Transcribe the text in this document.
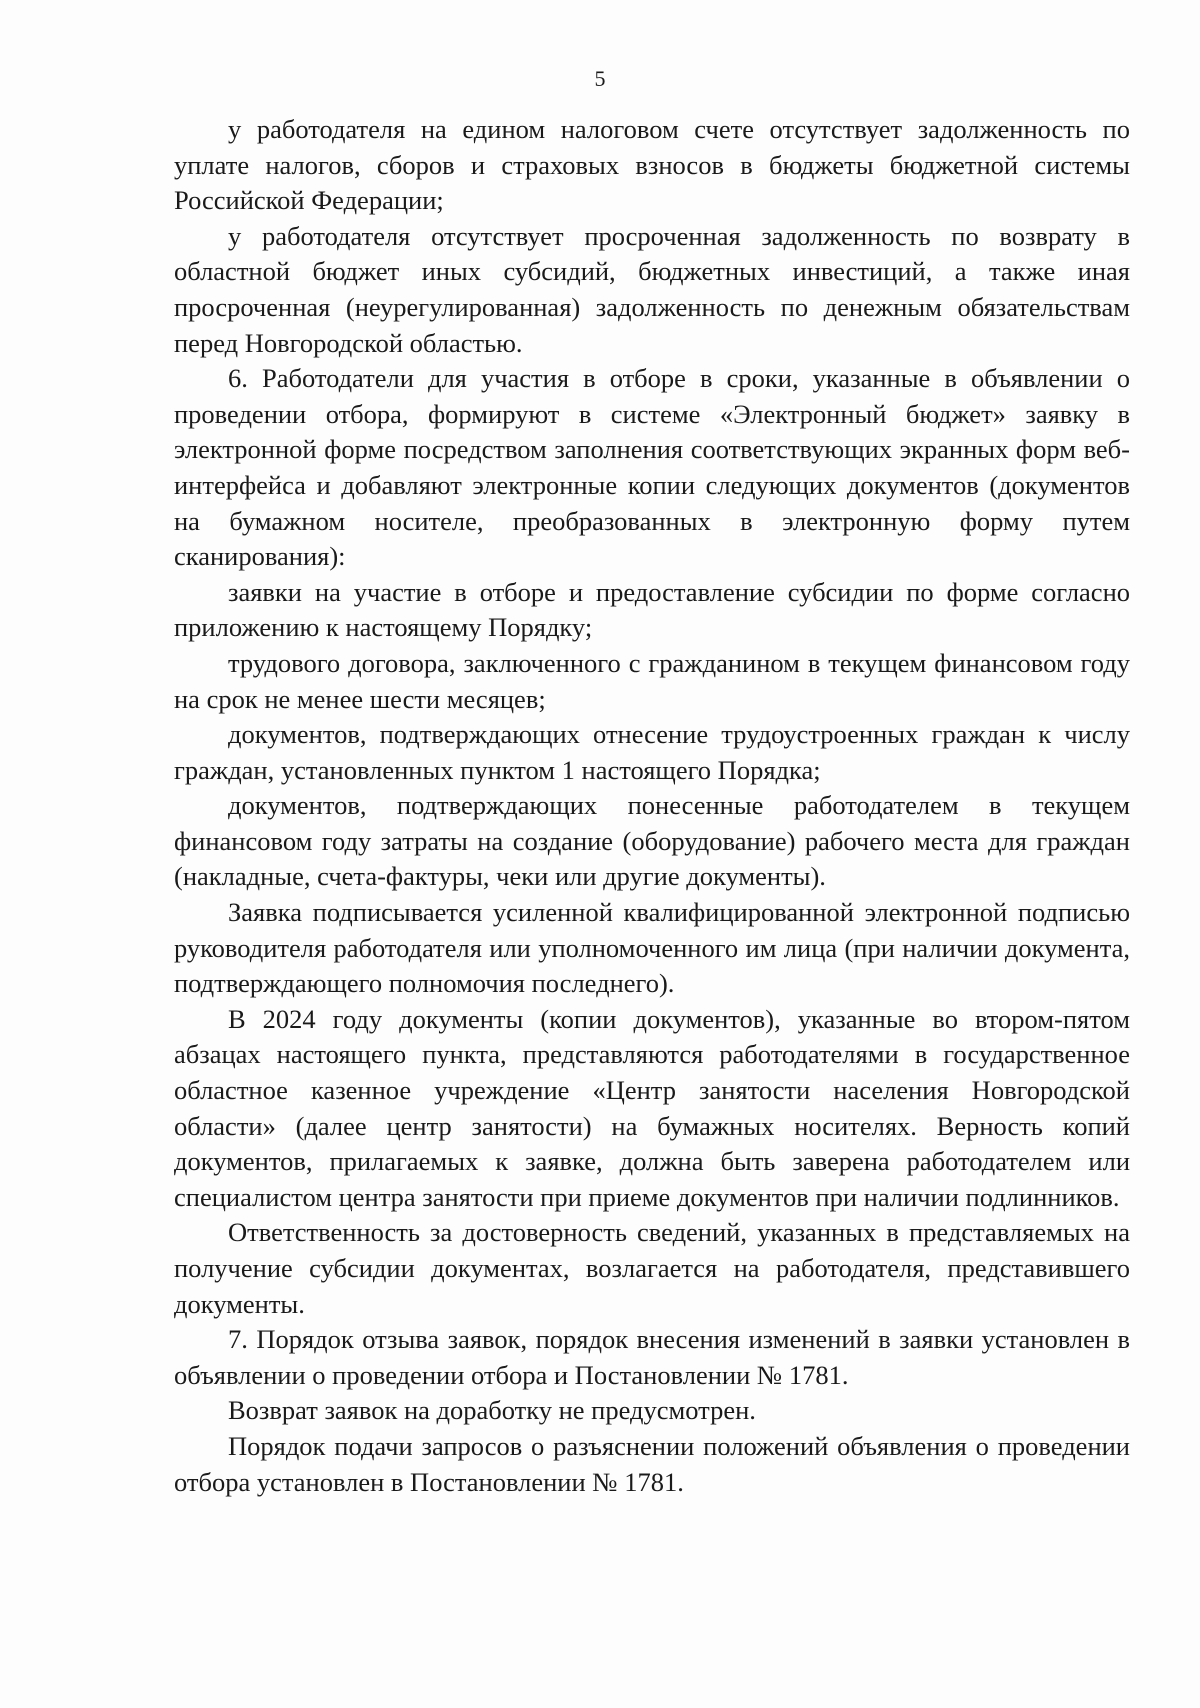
5

у работодателя на едином налоговом счете отсутствует задолженность по уплате налогов, сборов и страховых взносов в бюджеты бюджетной системы Российской Федерации;

у работодателя отсутствует просроченная задолженность по возврату в областной бюджет иных субсидий, бюджетных инвестиций, а также иная просроченная (неурегулированная) задолженность по денежным обязательствам перед Новгородской областью.

6. Работодатели для участия в отборе в сроки, указанные в объявлении о проведении отбора, формируют в системе «Электронный бюджет» заявку в электронной форме посредством заполнения соответствующих экранных форм веб-интерфейса и добавляют электронные копии следующих документов (документов на бумажном носителе, преобразованных в электронную форму путем сканирования):

заявки на участие в отборе и предоставление субсидии по форме согласно приложению к настоящему Порядку;

трудового договора, заключенного с гражданином в текущем финансовом году на срок не менее шести месяцев;

документов, подтверждающих отнесение трудоустроенных граждан к числу граждан, установленных пунктом 1 настоящего Порядка;

документов, подтверждающих понесенные работодателем в текущем финансовом году затраты на создание (оборудование) рабочего места для граждан (накладные, счета-фактуры, чеки или другие документы).

Заявка подписывается усиленной квалифицированной электронной подписью руководителя работодателя или уполномоченного им лица (при наличии документа, подтверждающего полномочия последнего).

В 2024 году документы (копии документов), указанные во втором-пятом абзацах настоящего пункта, представляются работодателями в государственное областное казенное учреждение «Центр занятости населения Новгородской области» (далее центр занятости) на бумажных носителях. Верность копий документов, прилагаемых к заявке, должна быть заверена работодателем или специалистом центра занятости при приеме документов при наличии подлинников.

Ответственность за достоверность сведений, указанных в представляемых на получение субсидии документах, возлагается на работодателя, представившего документы.

7. Порядок отзыва заявок, порядок внесения изменений в заявки установлен в объявлении о проведении отбора и Постановлении № 1781.

Возврат заявок на доработку не предусмотрен.

Порядок подачи запросов о разъяснении положений объявления о проведении отбора установлен в Постановлении № 1781.
